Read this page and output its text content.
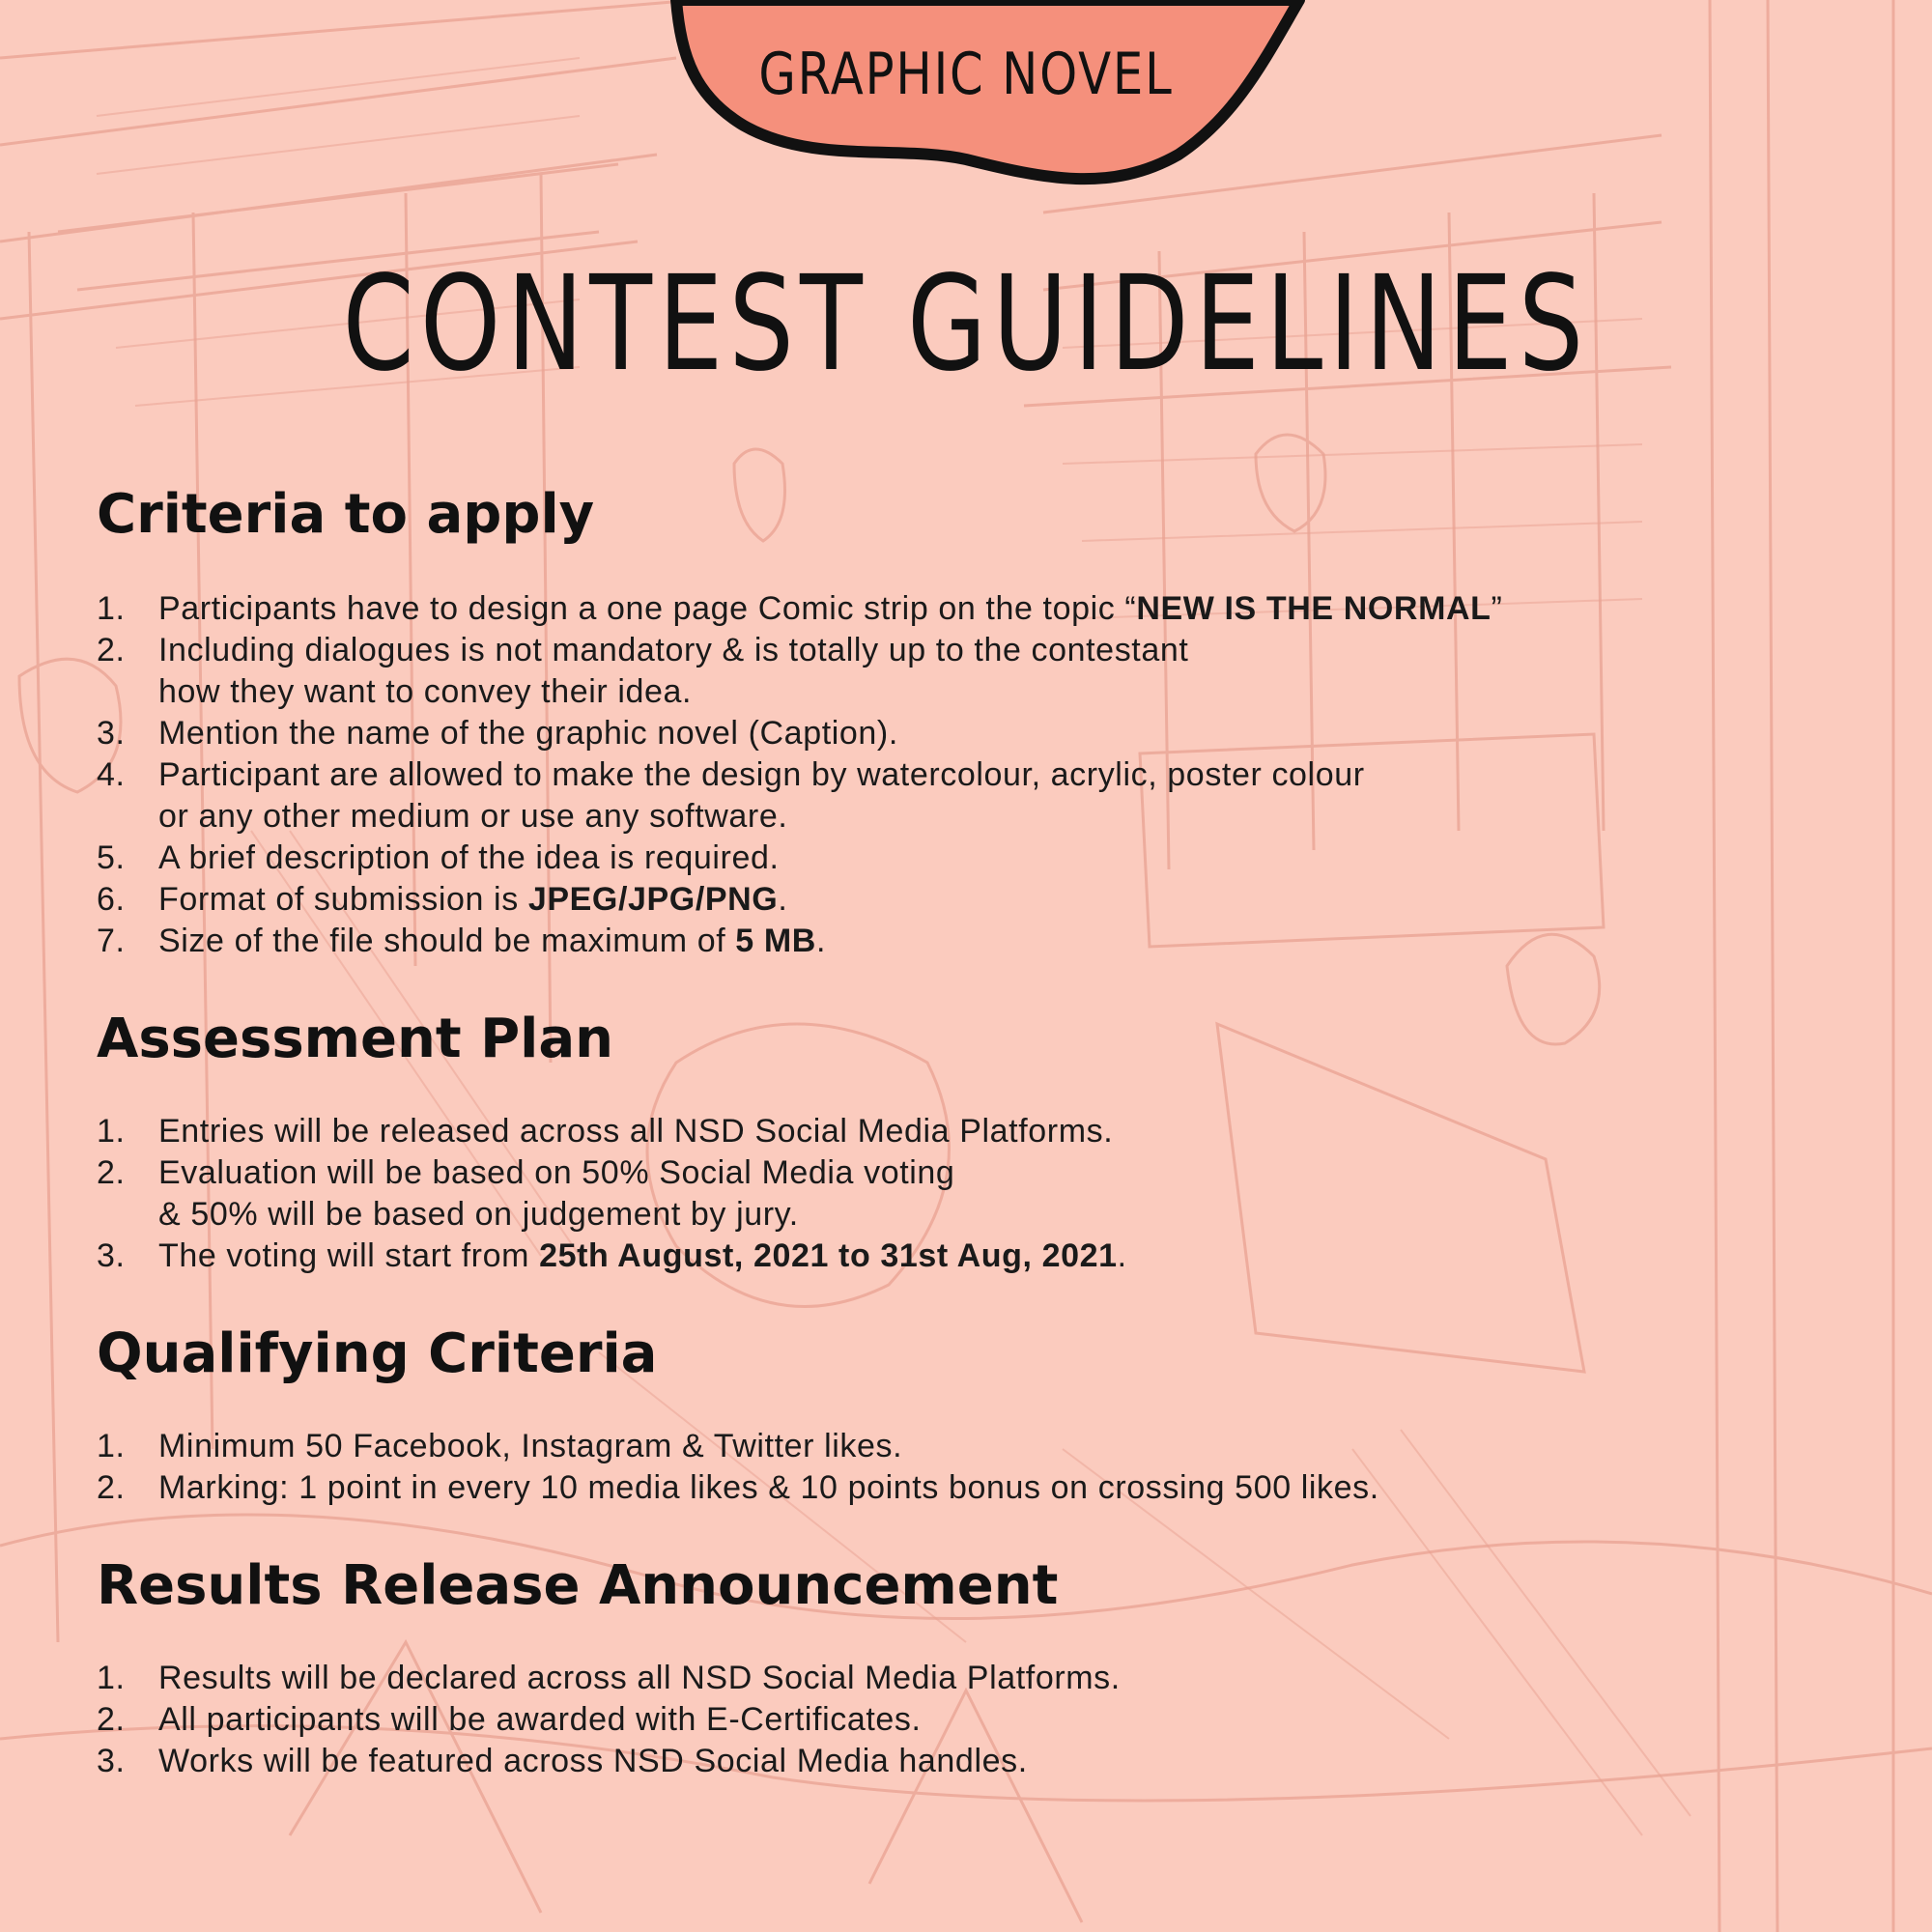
GRAPHIC NOVEL
CONTEST GUIDELINES
Criteria to apply
1. Participants have to design a one page Comic strip on the topic “NEW IS THE NORMAL”
2. Including dialogues is not mandatory & is totally up to the contestant
how they want to convey their idea.
3. Mention the name of the graphic novel (Caption).
4. Participant are allowed to make the design by watercolour, acrylic, poster colour
or any other medium or use any software.
5. A brief description of the idea is required.
6. Format of submission is JPEG/JPG/PNG.
7. Size of the file should be maximum of 5 MB.
Assessment Plan
1. Entries will be released across all NSD Social Media Platforms.
2. Evaluation will be based on 50% Social Media voting
& 50% will be based on judgement by jury.
3. The voting will start from 25th August, 2021 to 31st Aug, 2021.
Qualifying Criteria
1. Minimum 50 Facebook, Instagram & Twitter likes.
2. Marking: 1 point in every 10 media likes & 10 points bonus on crossing 500 likes.
Results Release Announcement
1. Results will be declared across all NSD Social Media Platforms.
2. All participants will be awarded with E-Certificates.
3. Works will be featured across NSD Social Media handles.
